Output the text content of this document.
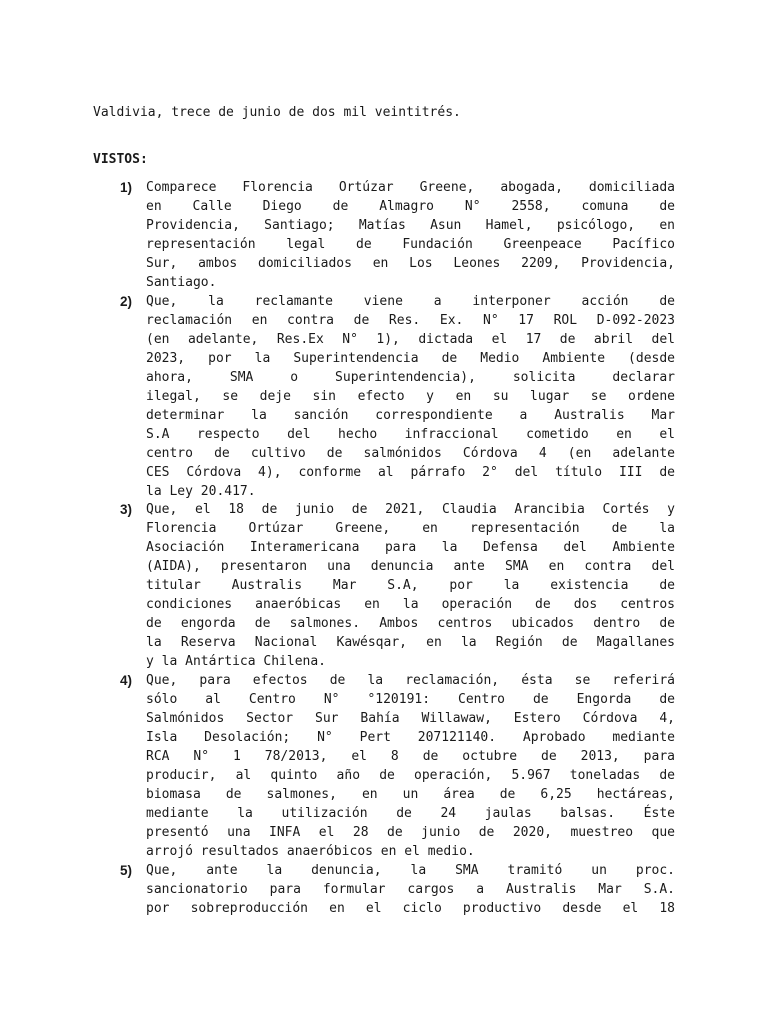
Valdivia, trece de junio de dos mil veintitrés.
VISTOS:
1) Comparece Florencia Ortúzar Greene, abogada, domiciliada
en Calle Diego de Almagro N° 2558, comuna de
Providencia, Santiago; Matías Asun Hamel, psicólogo, en
representación legal de Fundación Greenpeace Pacífico
Sur, ambos domiciliados en Los Leones 2209, Providencia,
Santiago.
2) Que, la reclamante viene a interponer acción de
reclamación en contra de Res. Ex. N° 17 ROL D-092-2023
(en adelante, Res.Ex N° 1), dictada el 17 de abril del
2023, por la Superintendencia de Medio Ambiente (desde
ahora, SMA o Superintendencia), solicita declarar
ilegal, se deje sin efecto y en su lugar se ordene
determinar la sanción correspondiente a Australis Mar
S.A respecto del hecho infraccional cometido en el
centro de cultivo de salmónidos Córdova 4 (en adelante
CES Córdova 4), conforme al párrafo 2° del título III de
la Ley 20.417.
3) Que, el 18 de junio de 2021, Claudia Arancibia Cortés y
Florencia Ortúzar Greene, en representación de la
Asociación Interamericana para la Defensa del Ambiente
(AIDA), presentaron una denuncia ante SMA en contra del
titular Australis Mar S.A, por la existencia de
condiciones anaeróbicas en la operación de dos centros
de engorda de salmones. Ambos centros ubicados dentro de
la Reserva Nacional Kawésqar, en la Región de Magallanes
y la Antártica Chilena.
4) Que, para efectos de la reclamación, ésta se referirá
sólo al Centro N° °120191: Centro de Engorda de
Salmónidos Sector Sur Bahía Willawaw, Estero Córdova 4,
Isla Desolación; N° Pert 207121140. Aprobado mediante
RCA N° 1 78/2013, el 8 de octubre de 2013, para
producir, al quinto año de operación, 5.967 toneladas de
biomasa de salmones, en un área de 6,25 hectáreas,
mediante la utilización de 24 jaulas balsas. Éste
presentó una INFA el 28 de junio de 2020, muestreo que
arrojó resultados anaeróbicos en el medio.
5) Que, ante la denuncia, la SMA tramitó un proc.
sancionatorio para formular cargos a Australis Mar S.A.
por sobreproducción en el ciclo productivo desde el 18
